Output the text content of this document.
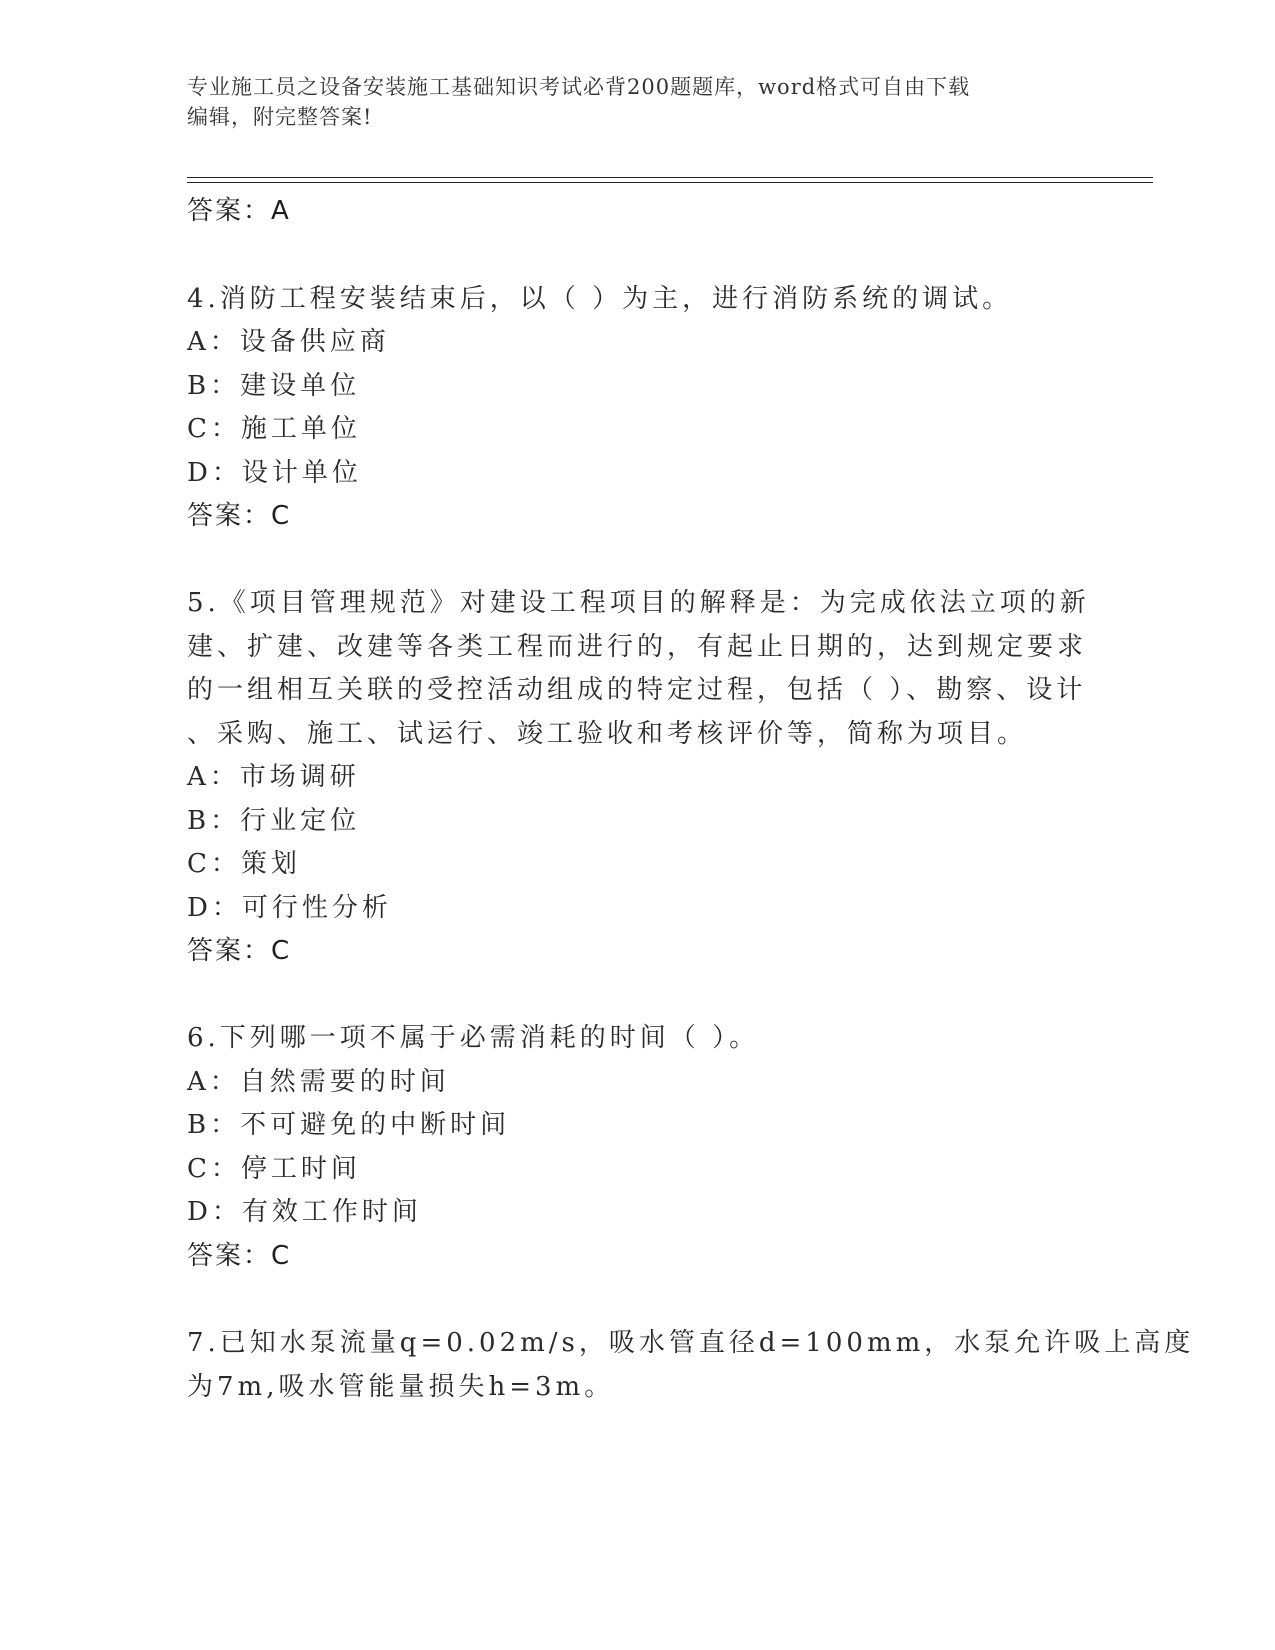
专业施工员之设备安装施工基础知识考试必背200题题库，word格式可自由下载
编辑，附完整答案!
答案：A
4.消防工程安装结束后，以（ ）为主，进行消防系统的调试。
A：设备供应商
B：建设单位
C：施工单位
D：设计单位
答案：C
5.《项目管理规范》对建设工程项目的解释是：为完成依法立项的新
建、扩建、改建等各类工程而进行的，有起止日期的，达到规定要求
的一组相互关联的受控活动组成的特定过程，包括（ ）、勘察、设计
、采购、施工、试运行、竣工验收和考核评价等，简称为项目。
A：市场调研
B：行业定位
C：策划
D：可行性分析
答案：C
6.下列哪一项不属于必需消耗的时间（ ）。
A：自然需要的时间
B：不可避免的中断时间
C：停工时间
D：有效工作时间
答案：C
7.已知水泵流量q=0.02m/s，吸水管直径d=100mm，水泵允许吸上高度
为7m,吸水管能量损失h=3m。
